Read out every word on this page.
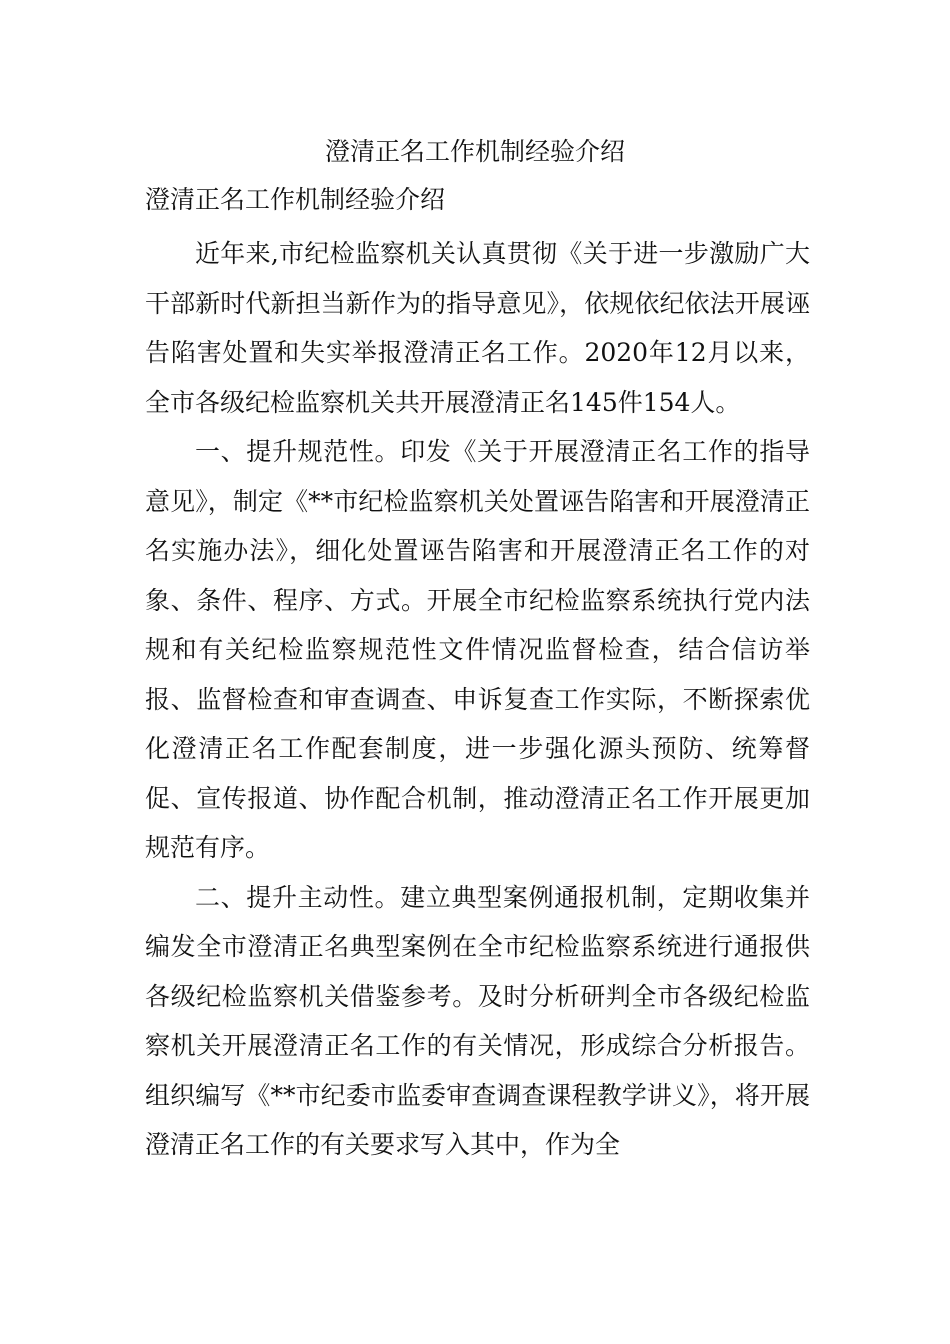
澄清正名工作机制经验介绍

澄清正名工作机制经验介绍

近年来,市纪检监察机关认真贯彻《关于进一步激励广大干部新时代新担当新作为的指导意见》，依规依纪依法开展诬告陷害处置和失实举报澄清正名工作。2020年12月以来，全市各级纪检监察机关共开展澄清正名145件154人。

一、提升规范性。印发《关于开展澄清正名工作的指导意见》，制定《**市纪检监察机关处置诬告陷害和开展澄清正名实施办法》，细化处置诬告陷害和开展澄清正名工作的对象、条件、程序、方式。开展全市纪检监察系统执行党内法规和有关纪检监察规范性文件情况监督检查，结合信访举报、监督检查和审查调查、申诉复查工作实际，不断探索优化澄清正名工作配套制度，进一步强化源头预防、统筹督促、宣传报道、协作配合机制，推动澄清正名工作开展更加规范有序。

二、提升主动性。建立典型案例通报机制，定期收集并编发全市澄清正名典型案例在全市纪检监察系统进行通报供各级纪检监察机关借鉴参考。及时分析研判全市各级纪检监察机关开展澄清正名工作的有关情况，形成综合分析报告。组织编写《**市纪委市监委审查调查课程教学讲义》，将开展澄清正名工作的有关要求写入其中，作为全
